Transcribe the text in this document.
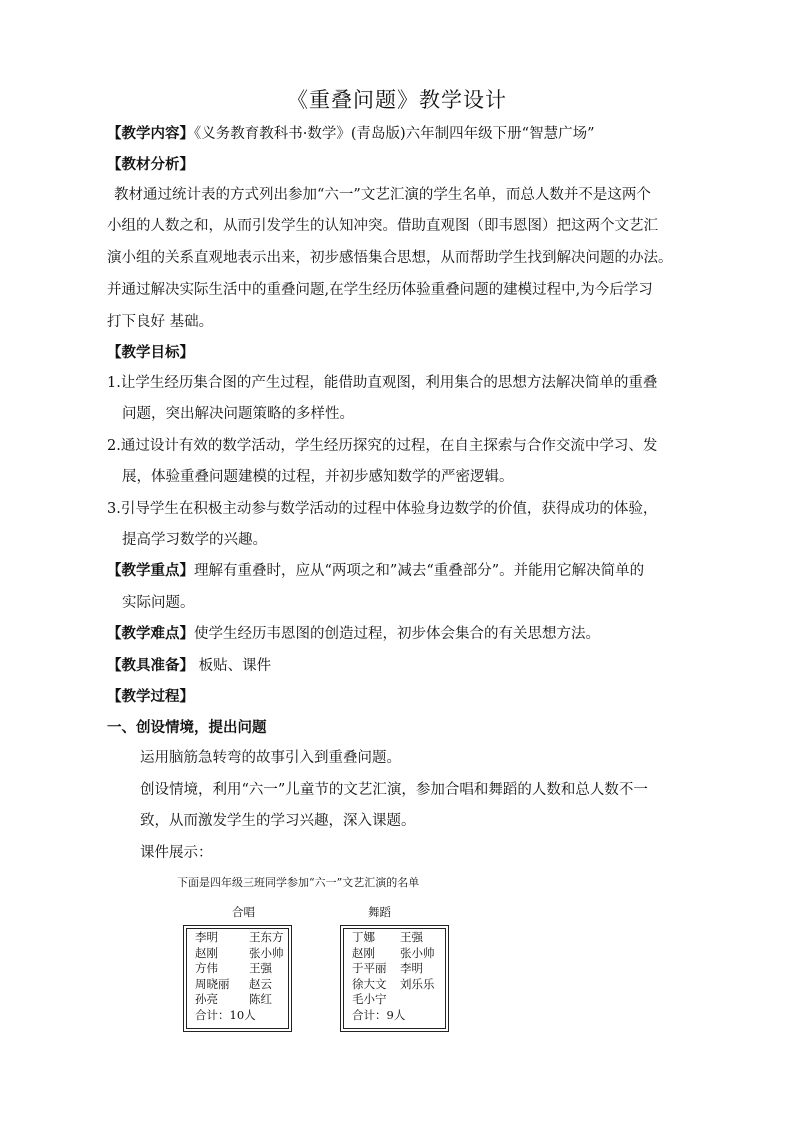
《重叠问题》教学设计
【教学内容】《义务教育教科书·数学》(青岛版)六年制四年级下册“智慧广场”
【教材分析】
教材通过统计表的方式列出参加“六一”文艺汇演的学生名单，而总人数并不是这两个
小组的人数之和，从而引发学生的认知冲突。借助直观图（即韦恩图）把这两个文艺汇
演小组的关系直观地表示出来，初步感悟集合思想，从而帮助学生找到解决问题的办法。
并通过解决实际生活中的重叠问题,在学生经历体验重叠问题的建模过程中,为今后学习
打下良好 基础。
【教学目标】
1.让学生经历集合图的产生过程，能借助直观图，利用集合的思想方法解决简单的重叠
问题，突出解决问题策略的多样性。
2.通过设计有效的数学活动，学生经历探究的过程，在自主探索与合作交流中学习、发
展，体验重叠问题建模的过程，并初步感知数学的严密逻辑。
3.引导学生在积极主动参与数学活动的过程中体验身边数学的价值，获得成功的体验，
提高学习数学的兴趣。
【教学重点】理解有重叠时，应从“两项之和”减去“重叠部分”。并能用它解决简单的
实际问题。
【教学难点】使学生经历韦恩图的创造过程，初步体会集合的有关思想方法。
【教具准备】 板贴、课件
【教学过程】
一、创设情境，提出问题
运用脑筋急转弯的故事引入到重叠问题。
创设情境，利用“六一”儿童节的文艺汇演，参加合唱和舞蹈的人数和总人数不一
致，从而激发学生的学习兴趣，深入课题。
课件展示：
下面是四年级三班同学参加“六一”文艺汇演的名单
合唱	舞蹈
李明	王东方
赵刚	张小帅
方伟	王强
周晓丽	赵云
孙亮	陈红
合计：10人
丁娜	王强
赵刚	张小帅
于平丽	李明
徐大文	刘乐乐
毛小宁
合计：9人
